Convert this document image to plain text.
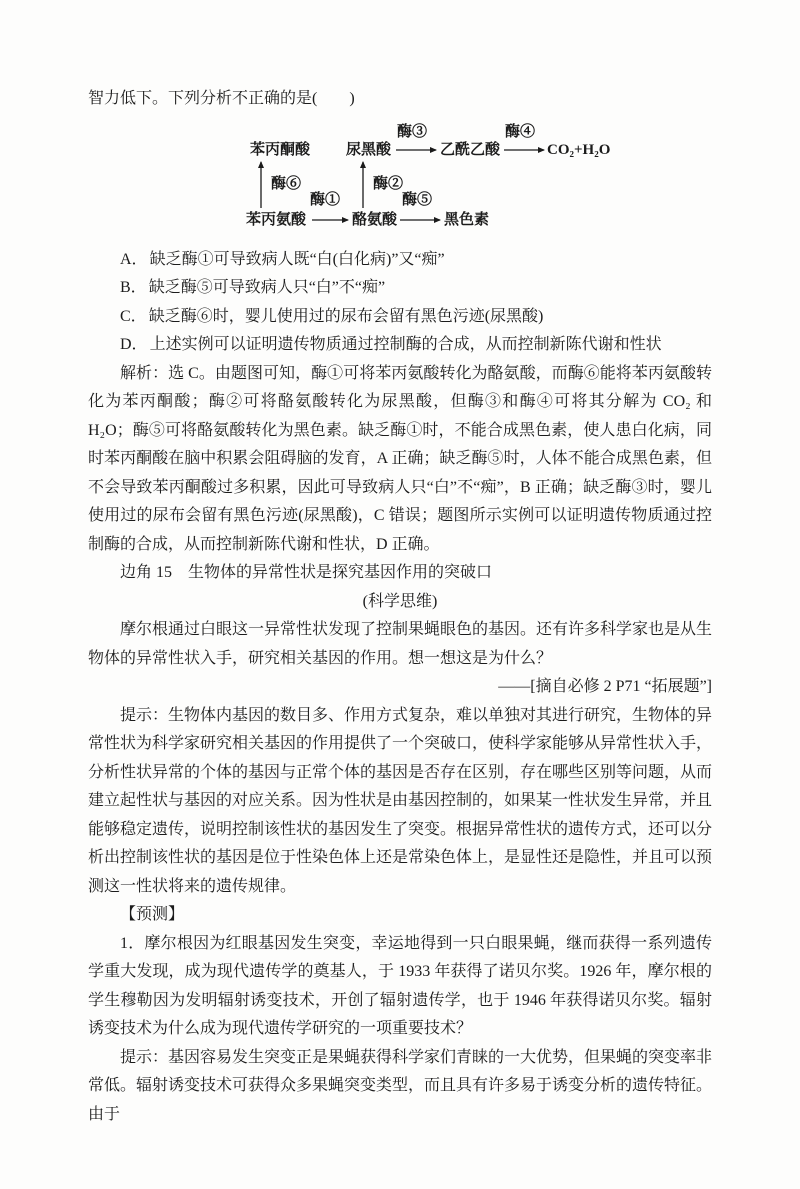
智力低下。下列分析不正确的是(　　)

酶③	酶④
苯丙酮酸 尿黑酸	乙酰乙酸	CO₂+H₂O
酶⑥	酶②
酶①	酶⑤
苯丙氨酸	酪氨酸	黑色素

A． 缺乏酶①可导致病人既“白(白化病)”又“痴”

B． 缺乏酶⑤可导致病人只“白”不“痴”

C． 缺乏酶⑥时，婴儿使用过的尿布会留有黑色污迹(尿黑酸)

D． 上述实例可以证明遗传物质通过控制酶的合成，从而控制新陈代谢和性状

解析：选 C。由题图可知，酶①可将苯丙氨酸转化为酪氨酸，而酶⑥能将苯丙氨酸转化为苯丙酮酸；酶②可将酪氨酸转化为尿黑酸，但酶③和酶④可将其分解为 CO₂ 和 H₂O；酶⑤可将酪氨酸转化为黑色素。缺乏酶①时，不能合成黑色素，使人患白化病，同时苯丙酮酸在脑中积累会阻碍脑的发育，A 正确；缺乏酶⑤时，人体不能合成黑色素，但不会导致苯丙酮酸过多积累，因此可导致病人只“白”不“痴”，B 正确；缺乏酶③时，婴儿使用过的尿布会留有黑色污迹(尿黑酸)，C 错误；题图所示实例可以证明遗传物质通过控制酶的合成，从而控制新陈代谢和性状，D 正确。

边角 15　生物体的异常性状是探究基因作用的突破口

(科学思维)

摩尔根通过白眼这一异常性状发现了控制果蝇眼色的基因。还有许多科学家也是从生物体的异常性状入手，研究相关基因的作用。想一想这是为什么？

——[摘自必修 2 P71 “拓展题”]

提示：生物体内基因的数目多、作用方式复杂，难以单独对其进行研究，生物体的异常性状为科学家研究相关基因的作用提供了一个突破口，使科学家能够从异常性状入手，分析性状异常的个体的基因与正常个体的基因是否存在区别，存在哪些区别等问题，从而建立起性状与基因的对应关系。因为性状是由基因控制的，如果某一性状发生异常，并且能够稳定遗传，说明控制该性状的基因发生了突变。根据异常性状的遗传方式，还可以分析出控制该性状的基因是位于性染色体上还是常染色体上，是显性还是隐性，并且可以预测这一性状将来的遗传规律。

【预测】

1．摩尔根因为红眼基因发生突变，幸运地得到一只白眼果蝇，继而获得一系列遗传学重大发现，成为现代遗传学的奠基人，于 1933 年获得了诺贝尔奖。1926 年，摩尔根的学生穆勒因为发明辐射诱变技术，开创了辐射遗传学，也于 1946 年获得诺贝尔奖。辐射诱变技术为什么成为现代遗传学研究的一项重要技术？

提示：基因容易发生突变正是果蝇获得科学家们青睐的一大优势，但果蝇的突变率非常低。辐射诱变技术可获得众多果蝇突变类型，而且具有许多易于诱变分析的遗传特征。由于
